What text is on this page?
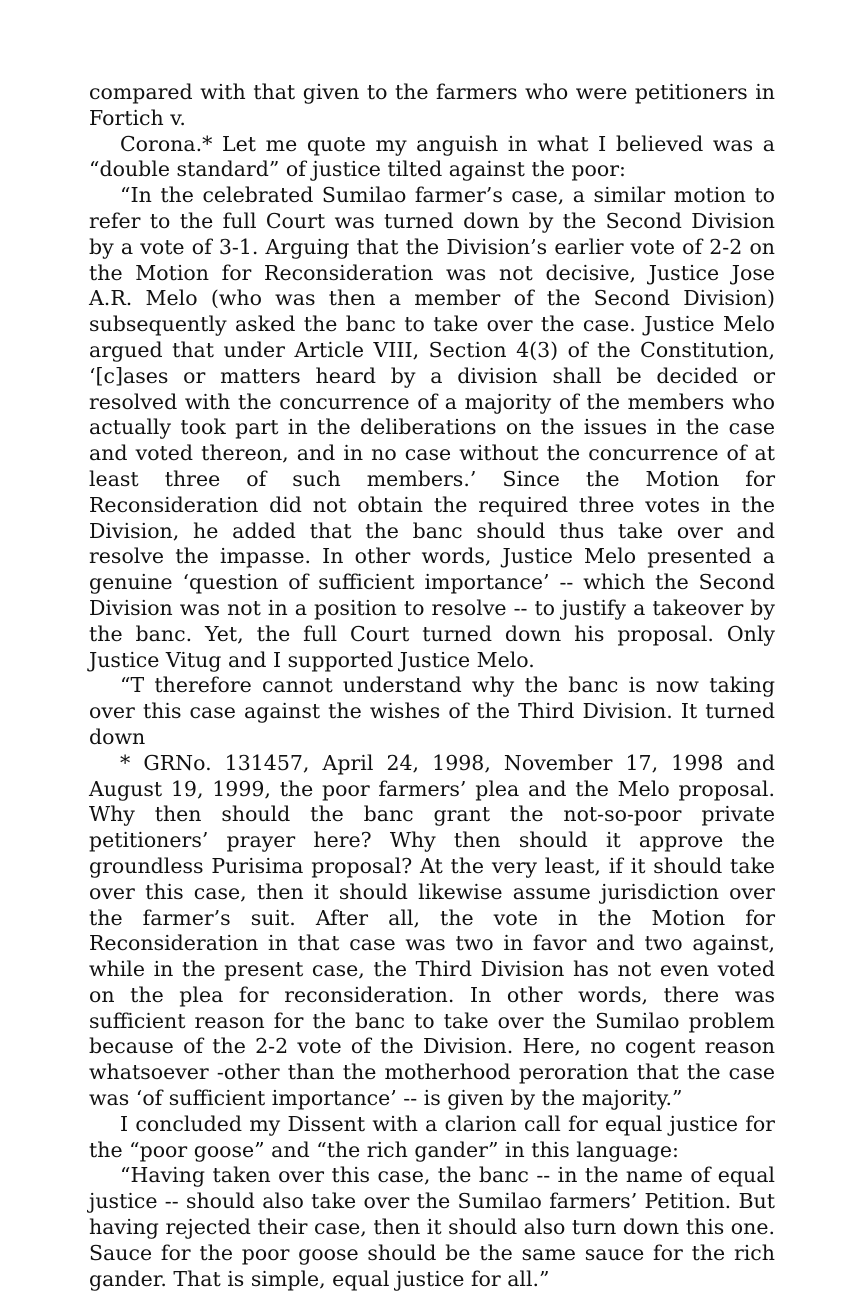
compared with that given to the farmers who were petitioners in Fortich v.

Corona.* Let me quote my anguish in what I believed was a “double standard” of justice tilted against the poor:

“In the celebrated Sumilao farmer’s case, a similar motion to refer to the full Court was turned down by the Second Division by a vote of 3-1. Arguing that the Division’s earlier vote of 2-2 on the Motion for Reconsideration was not decisive, Justice Jose A.R. Melo (who was then a member of the Second Division) subsequently asked the banc to take over the case. Justice Melo argued that under Article VIII, Section 4(3) of the Constitution, ‘[c]ases or matters heard by a division shall be decided or resolved with the concurrence of a majority of the members who actually took part in the deliberations on the issues in the case and voted thereon, and in no case without the concurrence of at least three of such members.’ Since the Motion for Reconsideration did not obtain the required three votes in the Division, he added that the banc should thus take over and resolve the impasse. In other words, Justice Melo presented a genuine ‘question of sufficient importance’ -- which the Second Division was not in a position to resolve -- to justify a takeover by the banc. Yet, the full Court turned down his proposal. Only Justice Vitug and I supported Justice Melo.

“T therefore cannot understand why the banc is now taking over this case against the wishes of the Third Division. It turned down

* GRNo. 131457, April 24, 1998, November 17, 1998 and August 19, 1999, the poor farmers’ plea and the Melo proposal. Why then should the banc grant the not-so-poor private petitioners’ prayer here? Why then should it approve the groundless Purisima proposal? At the very least, if it should take over this case, then it should likewise assume jurisdiction over the farmer’s suit. After all, the vote in the Motion for Reconsideration in that case was two in favor and two against, while in the present case, the Third Division has not even voted on the plea for reconsideration. In other words, there was sufficient reason for the banc to take over the Sumilao problem because of the 2-2 vote of the Division. Here, no cogent reason whatsoever -other than the motherhood peroration that the case was ‘of sufficient importance’ -- is given by the majority.”

I concluded my Dissent with a clarion call for equal justice for the “poor goose” and “the rich gander” in this language:

“Having taken over this case, the banc -- in the name of equal justice -- should also take over the Sumilao farmers’ Petition. But having rejected their case, then it should also turn down this one. Sauce for the poor goose should be the same sauce for the rich gander. That is simple, equal justice for all.”
